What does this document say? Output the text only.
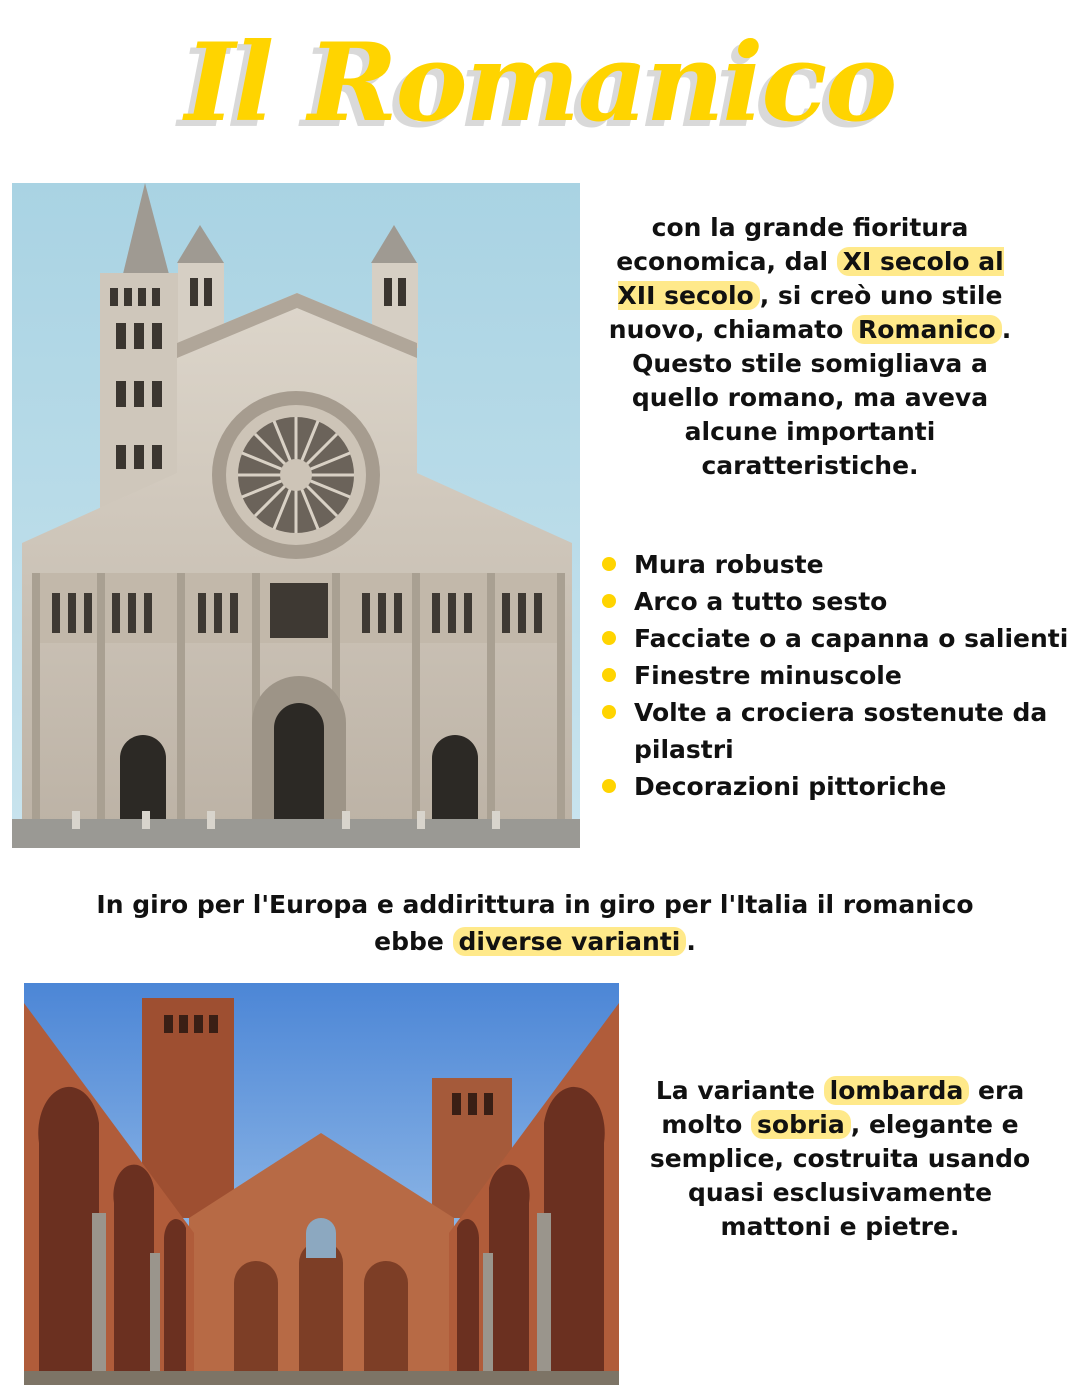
Il Romanico

con la grande fioritura economica, dal XI secolo al XII secolo , si creò uno stile nuovo, chiamato Romanico . Questo stile somigliava a quello romano, ma aveva alcune importanti caratteristiche.

Mura robuste
Arco a tutto sesto
Facciate o a capanna o salienti
Finestre minuscole
Volte a crociera sostenute da pilastri
Decorazioni pittoriche

In giro per l'Europa e addirittura in giro per l'Italia il romanico ebbe diverse varianti .

La variante lombarda era molto sobria , elegante e semplice, costruita usando quasi esclusivamente mattoni e pietre.
